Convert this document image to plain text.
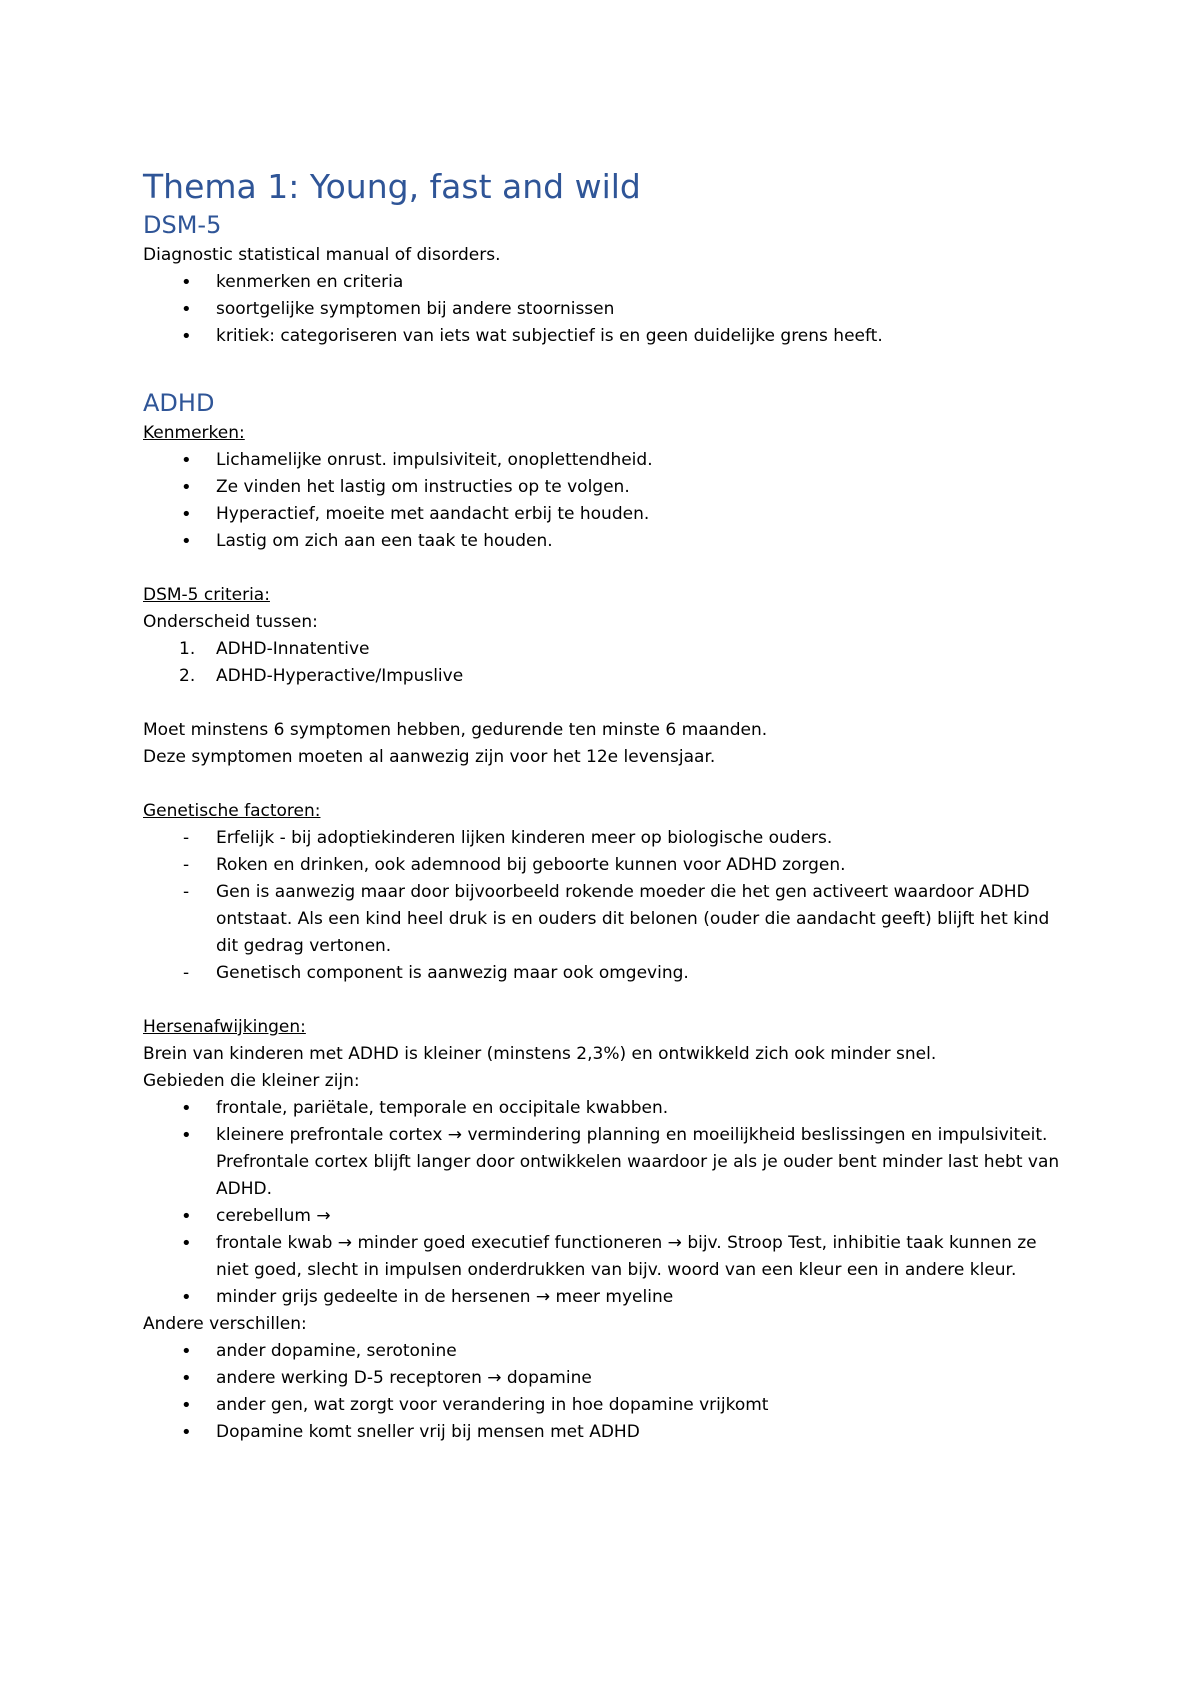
Thema 1: Young, fast and wild
DSM-5

Diagnostic statistical manual of disorders.

• kenmerken en criteria
• soortgelijke symptomen bij andere stoornissen
• kritiek: categoriseren van iets wat subjectief is en geen duidelijke grens heeft.
ADHD

Kenmerken:

• Lichamelijke onrust. impulsiviteit, onoplettendheid.
• Ze vinden het lastig om instructies op te volgen.
• Hyperactief, moeite met aandacht erbij te houden.
• Lastig om zich aan een taak te houden.

DSM-5 criteria:

Onderscheid tussen:

1. ADHD-Innatentive
2. ADHD-Hyperactive/Impuslive

Moet minstens 6 symptomen hebben, gedurende ten minste 6 maanden.

Deze symptomen moeten al aanwezig zijn voor het 12e levensjaar.

Genetische factoren:

- Erfelijk - bij adoptiekinderen lijken kinderen meer op biologische ouders.
- Roken en drinken, ook ademnood bij geboorte kunnen voor ADHD zorgen.
- Gen is aanwezig maar door bijvoorbeeld rokende moeder die het gen activeert waardoor ADHD ontstaat. Als een kind heel druk is en ouders dit belonen (ouder die aandacht geeft) blijft het kind dit gedrag vertonen.
- Genetisch component is aanwezig maar ook omgeving.

Hersenafwijkingen:

Brein van kinderen met ADHD is kleiner (minstens 2,3%) en ontwikkeld zich ook minder snel.

Gebieden die kleiner zijn:

• frontale, pariëtale, temporale en occipitale kwabben.
• kleinere prefrontale cortex → vermindering planning en moeilijkheid beslissingen en impulsiviteit. Prefrontale cortex blijft langer door ontwikkelen waardoor je als je ouder bent minder last hebt van ADHD.
• cerebellum →
• frontale kwab → minder goed executief functioneren → bijv. Stroop Test, inhibitie taak kunnen ze niet goed, slecht in impulsen onderdrukken van bijv. woord van een kleur een in andere kleur.
• minder grijs gedeelte in de hersenen → meer myeline

Andere verschillen:

• ander dopamine, serotonine
• andere werking D-5 receptoren → dopamine
• ander gen, wat zorgt voor verandering in hoe dopamine vrijkomt
• Dopamine komt sneller vrij bij mensen met ADHD
